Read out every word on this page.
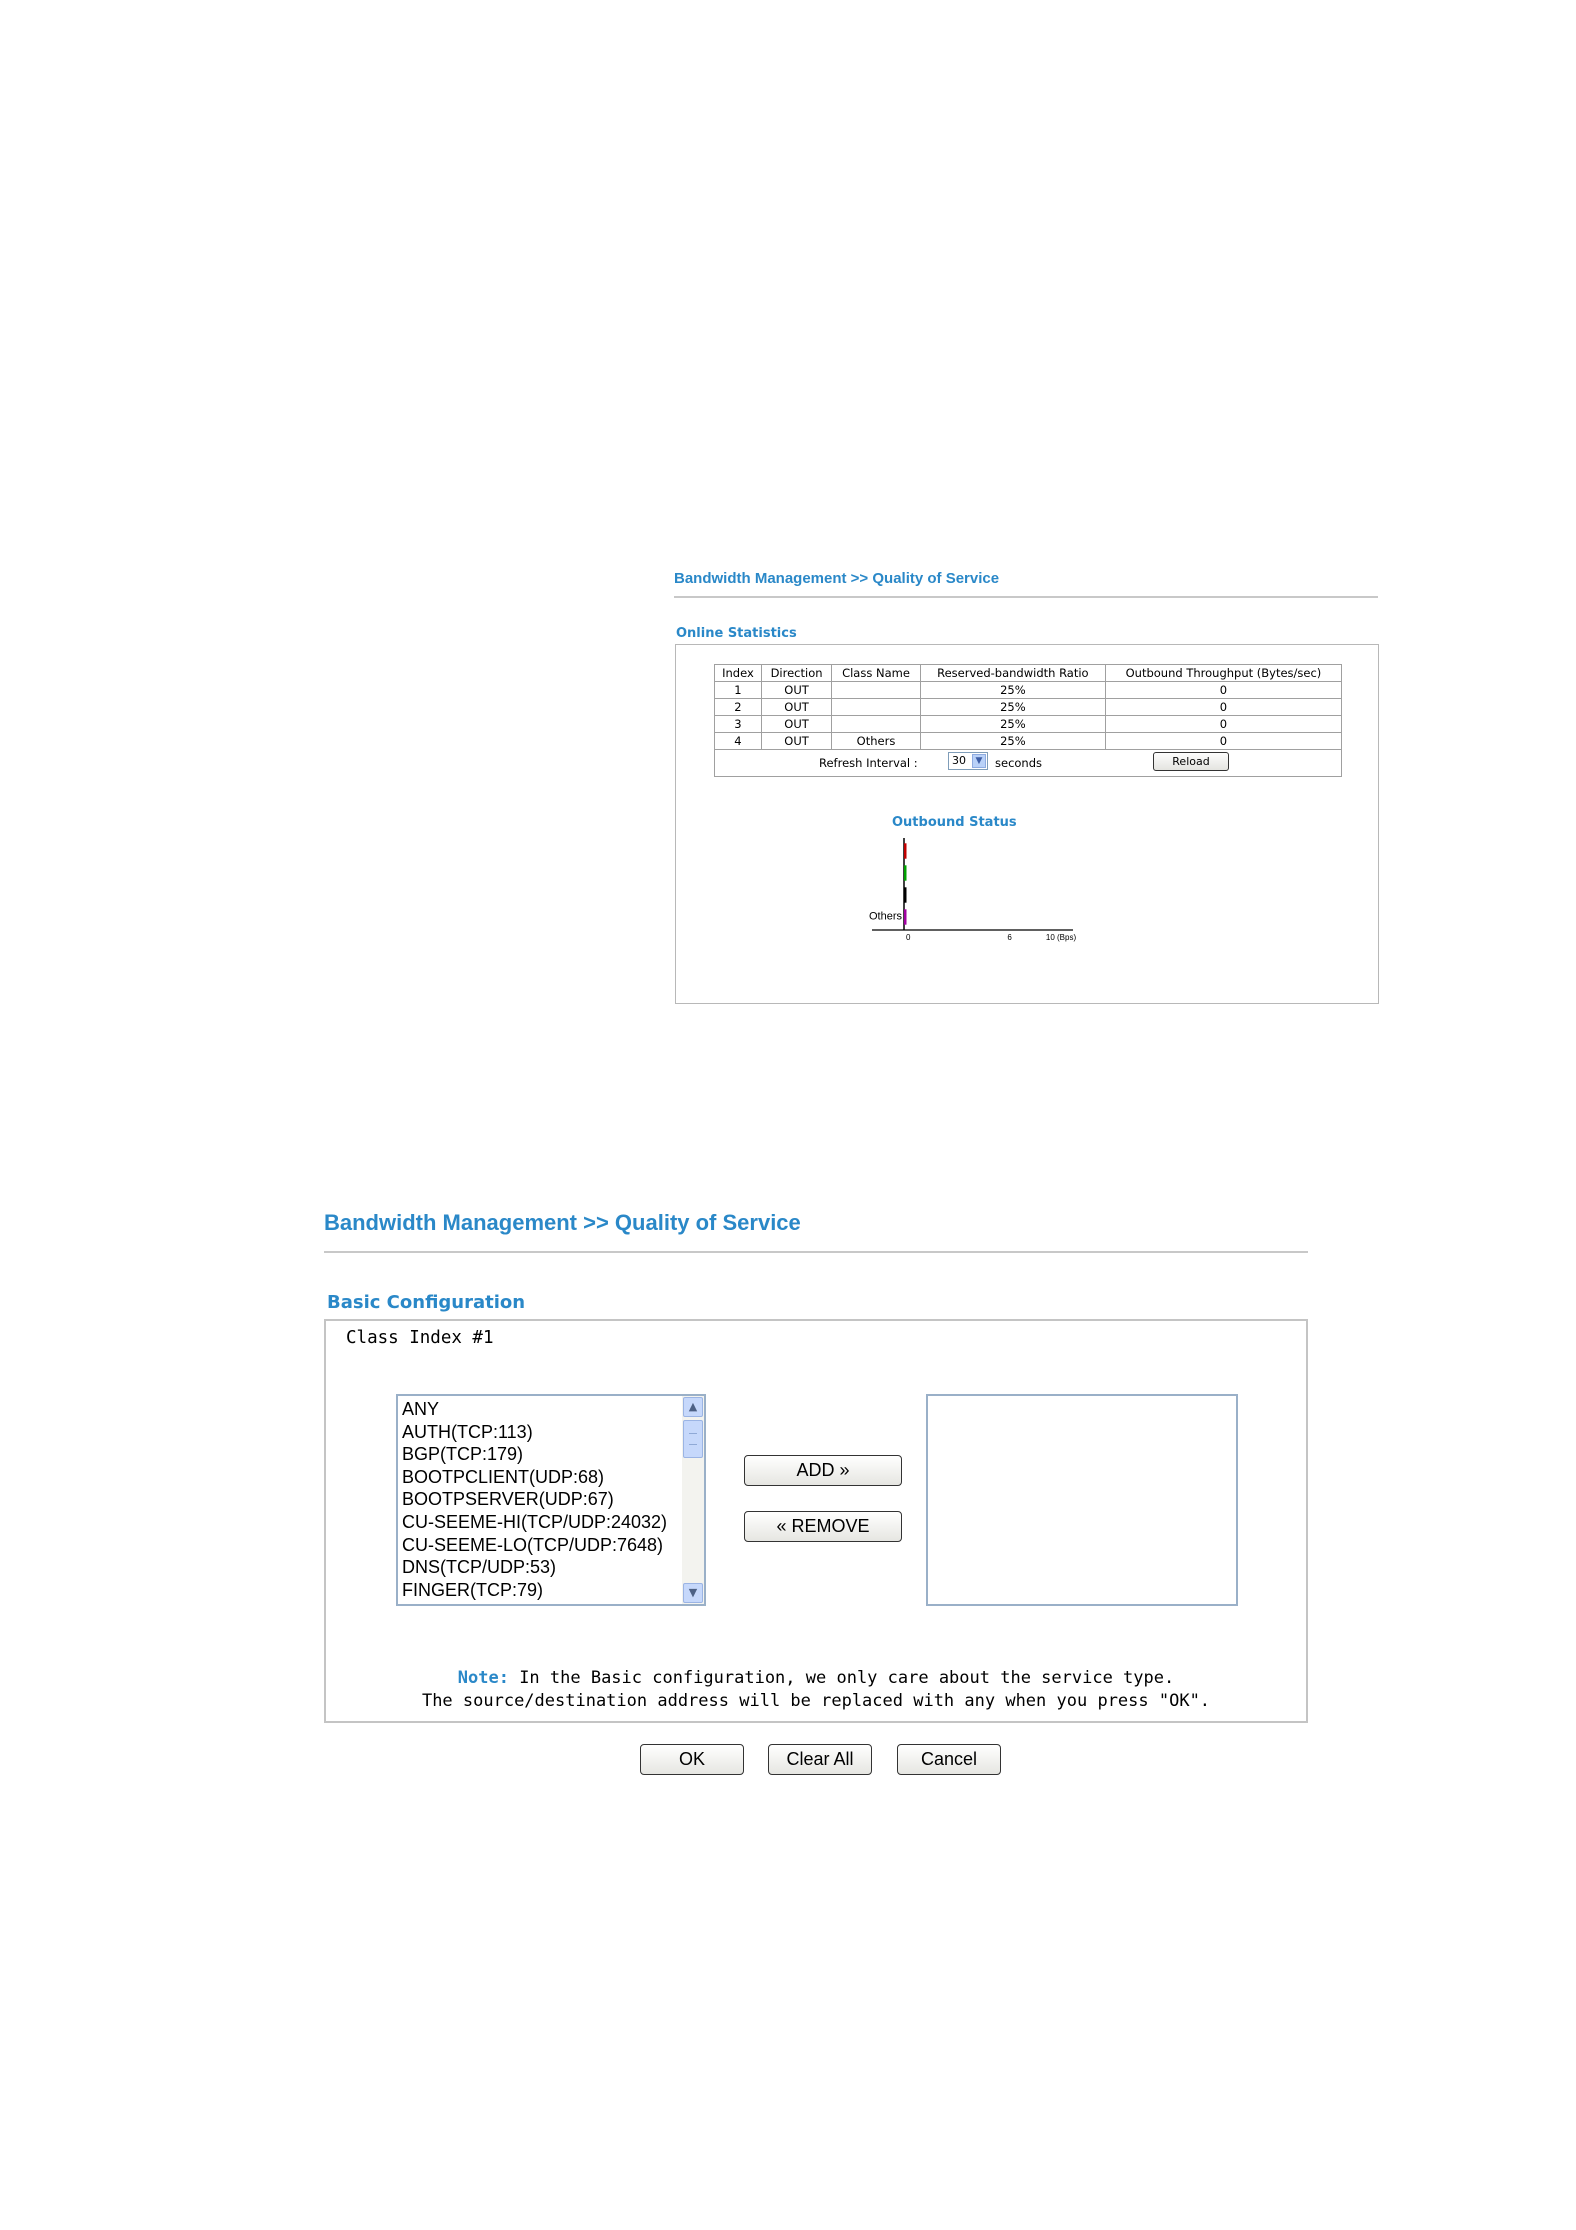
Bandwidth Management >> Quality of Service
Online Statistics
Index	Direction	Class Name	Reserved-bandwidth Ratio	Outbound Throughput (Bytes/sec)
1	OUT		25%	0
2	OUT		25%	0
3	OUT		25%	0
4	OUT	Others	25%	0

Refresh Interval : 30 ▼ seconds Reload				
Outbound Status
Others
0	6	10 (Bps)
Bandwidth Management >> Quality of Service
Basic Configuration
Class Index #1
ANY
AUTH(TCP:113)
BGP(TCP:179)
BOOTPCLIENT(UDP:68)
BOOTPSERVER(UDP:67)
CU-SEEME-HI(TCP/UDP:24032)
CU-SEEME-LO(TCP/UDP:7648)
DNS(TCP/UDP:53)
FINGER(TCP:79)
▲
▼
ADD »
« REMOVE
Note: In the Basic configuration, we only care about the service type.
The source/destination address will be replaced with any when you press "OK".
OK	Clear All	Cancel
